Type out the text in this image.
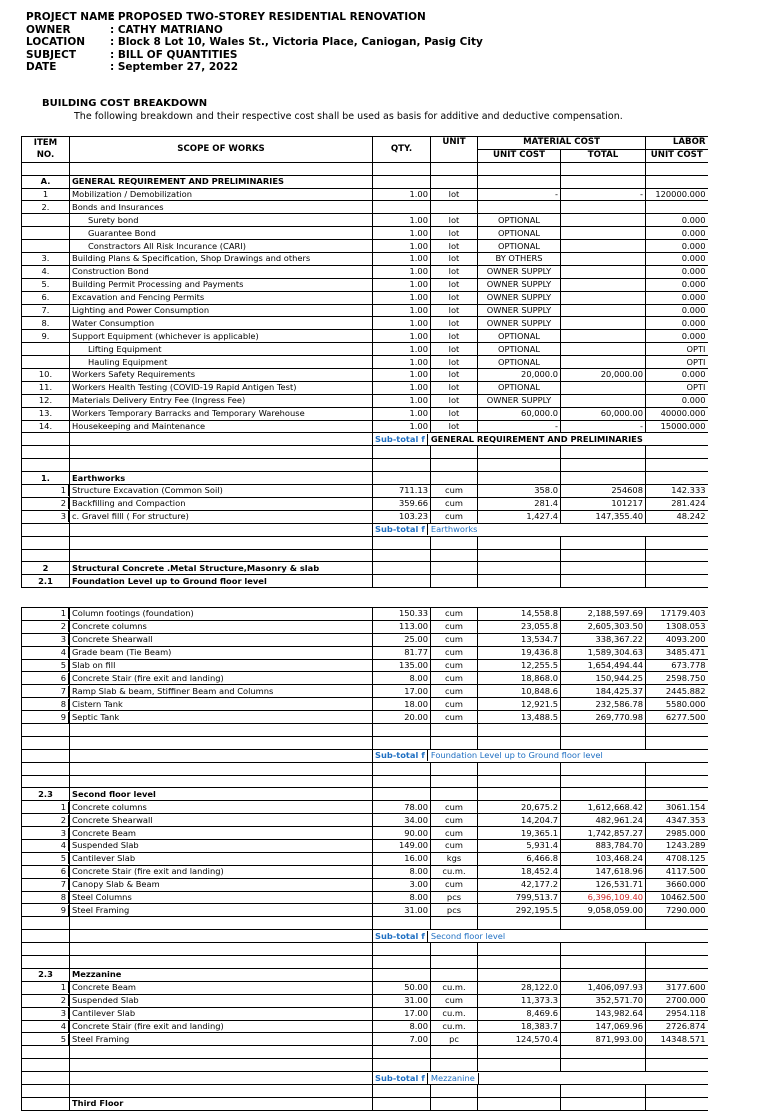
PROJECT NAME
: PROPOSED TWO-STOREY RESIDENTIAL RENOVATION
OWNER	: CATHY MATRIANO
LOCATION	: Block 8 Lot 10, Wales St., Victoria Place, Caniogan, Pasig City
SUBJECT	: BILL OF QUANTITIES
DATE	: September 27, 2022
BUILDING COST BREAKDOWN
The following breakdown and their respective cost shall be used as basis for additive and deductive compensation.
ITEM
NO.	SCOPE OF WORKS	QTY.	UNIT	MATERIAL COST		LABOR
				UNIT COST	TOTAL	UNIT COST

A.	GENERAL REQUIREMENT AND PRELIMINARIES					
1	Mobilization / Demobilization	1.00	lot	-	-	120000.000
2.	Bonds and Insurances					
	Surety bond	1.00	lot	OPTIONAL		0.000
	Guarantee Bond	1.00	lot	OPTIONAL		0.000
	Constractors All Risk Incurance (CARI)	1.00	lot	OPTIONAL		0.000
3.	Building Plans & Specification, Shop Drawings and others	1.00	lot	BY OTHERS		0.000
4.	Construction Bond	1.00	lot	OWNER SUPPLY		0.000
5.	Building Permit Processing and Payments	1.00	lot	OWNER SUPPLY		0.000
6.	Excavation and Fencing Permits	1.00	lot	OWNER SUPPLY		0.000
7.	Lighting and Power Consumption	1.00	lot	OWNER SUPPLY		0.000
8.	Water Consumption	1.00	lot	OWNER SUPPLY		0.000
9.	Support Equipment (whichever is applicable)	1.00	lot	OPTIONAL		0.000
	Lifting Equipment	1.00	lot	OPTIONAL		OPTI
	Hauling Equipment	1.00	lot	OPTIONAL		OPTI
10.	Workers Safety Requirements	1.00	lot	20,000.0	20,000.00	0.000
11.	Workers Health Testing (COVID-19 Rapid Antigen Test)	1.00	lot	OPTIONAL		OPTI
12.	Materials Delivery Entry Fee (Ingress Fee)	1.00	lot	OWNER SUPPLY		0.000
13.	Workers Temporary Barracks and Temporary Warehouse	1.00	lot	60,000.0	60,000.00	40000.000
14.	Housekeeping and Maintenance	1.00	lot	-	-	15000.000

		Sub-total f GENERAL REQUIREMENT AND PRELIMINARIES				

1.	Earthworks					

1	Structure Excavation (Common Soil)	711.13	cum	358.0	254608	142.333

2	Backfilling and Compaction	359.66	cum	281.4	101217	281.424

3	c. Gravel filll ( For structure)	103.23	cum	1,427.4	147,355.40	48.242

		Sub-total f Earthworks				

2	Structural Concrete .Metal Structure,Masonry & slab					
2.1	Foundation Level up to Ground floor level					
1	Column footings (foundation)	150.33	cum	14,558.8	2,188,597.69	17179.403

2	Concrete columns	113.00	cum	23,055.8	2,605,303.50	1308.053

3	Concrete Shearwall	25.00	cum	13,534.7	338,367.22	4093.200

4	Grade beam (Tie Beam)	81.77	cum	19,436.8	1,589,304.63	3485.471

5	Slab on fill	135.00	cum	12,255.5	1,654,494.44	673.778

6	Concrete Stair (fire exit and landing)	8.00	cum	18,868.0	150,944.25	2598.750

7	Ramp Slab & beam, Stiffiner Beam and Columns	17.00	cum	10,848.6	184,425.37	2445.882

8	Cistern Tank	18.00	cum	12,921.5	232,586.78	5580.000

9	Septic Tank	20.00	cum	13,488.5	269,770.98	6277.500

		Sub-total f Foundation Level up to Ground floor level				

2.3	Second floor level					

1	Concrete columns	78.00	cum	20,675.2	1,612,668.42	3061.154

2	Concrete Shearwall	34.00	cum	14,204.7	482,961.24	4347.353

3	Concrete Beam	90.00	cum	19,365.1	1,742,857.27	2985.000

4	Suspended Slab	149.00	cum	5,931.4	883,784.70	1243.289

5	Cantilever Slab	16.00	kgs	6,466.8	103,468.24	4708.125

6	Concrete Stair (fire exit and landing)	8.00	cu.m.	18,452.4	147,618.96	4117.500

7	Canopy Slab & Beam	3.00	cum	42,177.2	126,531.71	3660.000

8	Steel Columns	8.00	pcs	799,513.7	6,396,109.40	10462.500

9	Steel Framing	31.00	pcs	292,195.5	9,058,059.00	7290.000

		Sub-total f Second floor level				

2.3	Mezzanine					

1	Concrete Beam	50.00	cu.m.	28,122.0	1,406,097.93	3177.600

2	Suspended Slab	31.00	cum	11,373.3	352,571.70	2700.000

3	Cantilever Slab	17.00	cu.m.	8,469.6	143,982.64	2954.118

4	Concrete Stair (fire exit and landing)	8.00	cu.m.	18,383.7	147,069.96	2726.874

5	Steel Framing	7.00	pc	124,570.4	871,993.00	14348.571

		Sub-total f Mezzanine				

	Third Floor					
